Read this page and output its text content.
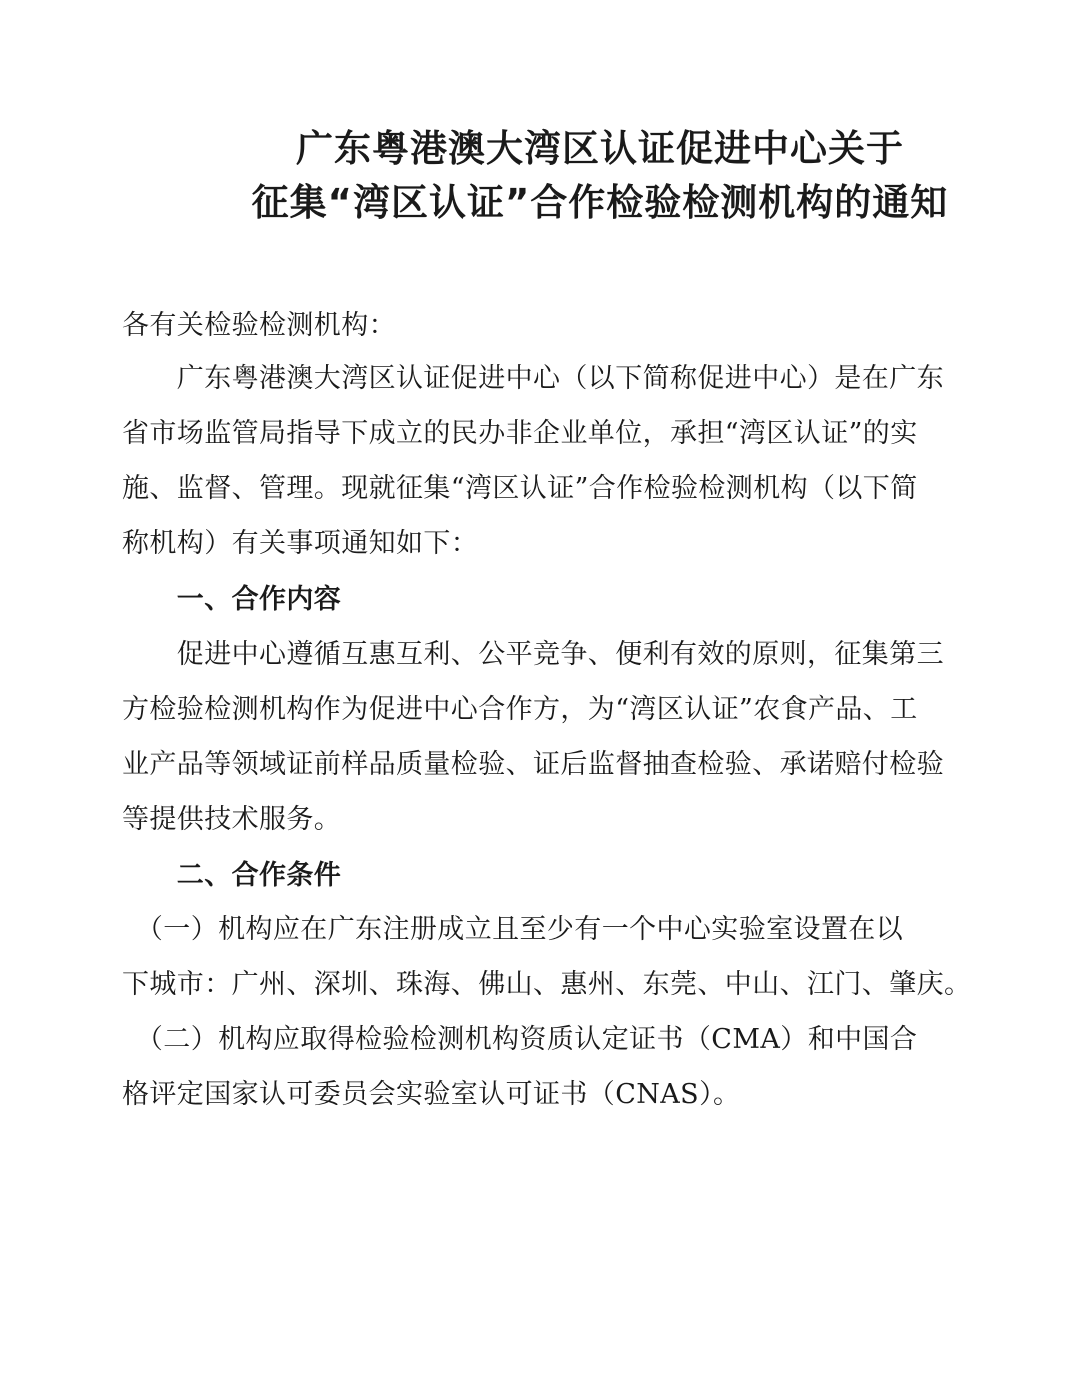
广东粤港澳大湾区认证促进中心关于
征集“湾区认证”合作检验检测机构的通知
各有关检验检测机构：
　　广东粤港澳大湾区认证促进中心（以下简称促进中心）是在广东
省市场监管局指导下成立的民办非企业单位，承担“湾区认证”的实
施、监督、管理。现就征集“湾区认证”合作检验检测机构（以下简
称机构）有关事项通知如下：
　　一、合作内容
　　促进中心遵循互惠互利、公平竞争、便利有效的原则，征集第三
方检验检测机构作为促进中心合作方，为“湾区认证”农食产品、工
业产品等领域证前样品质量检验、证后监督抽查检验、承诺赔付检验
等提供技术服务。
　　二、合作条件
　（一）机构应在广东注册成立且至少有一个中心实验室设置在以
下城市：广州、深圳、珠海、佛山、惠州、东莞、中山、江门、肇庆。
　（二）机构应取得检验检测机构资质认定证书（CMA）和中国合
格评定国家认可委员会实验室认可证书（CNAS）。
